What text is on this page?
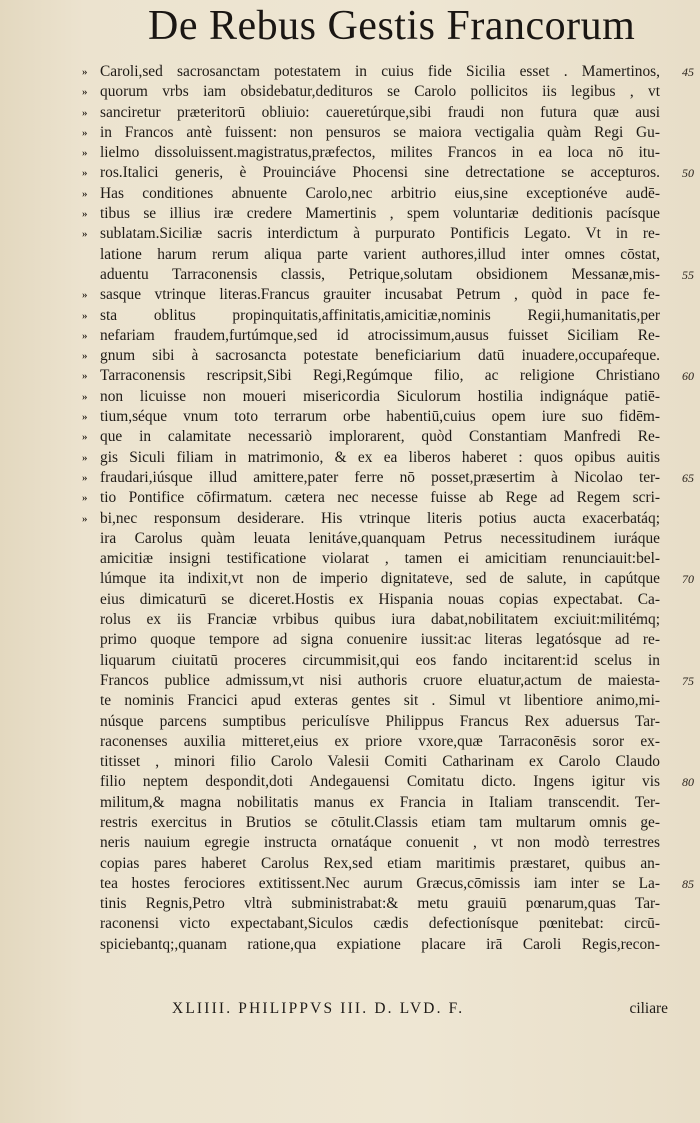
De Rebus Gestis Francorum
» Caroli,sed sacrosanctam potestatem in cuius fide Sicilia esset . Mamertinos, 45
» quorum vrbs iam obsidebatur,dedituros se Carolo pollicitos iis legibus , vt
» sanciretur præteritorū obliuio: caueretúrque,sibi fraudi non futura quæ ausi
» in Francos antè fuissent: non pensuros se maiora vectigalia quàm Regi Gu-
» lielmo dissoluissent.magistratus,præfectos, milites Francos in ea loca nō itu-
» ros.Italici generis, è Prouinciáve Phocensi sine detrectatione se accepturos. 50
» Has conditiones abnuente Carolo,nec arbitrio eius,sine exceptionéve audē-
» tibus se illius iræ credere Mamertinis , spem voluntariæ deditionis pacísque
» sublatam.Siciliæ sacris interdictum à purpurato Pontificis Legato. Vt in re-
latione harum rerum aliqua parte varient authores,illud inter omnes cōstat,
aduentu Tarraconensis classis, Petrique,solutam obsidionem Messanæ,mis- 55
» sasque vtrinque literas.Francus grauiter incusabat Petrum , quòd in pace fe-
» sta oblitus propinquitatis,affinitatis,amicitiæ,nominis Regii,humanitatis,per
» nefariam fraudem,furtúmque,sed id atrocissimum,ausus fuisset Siciliam Re-
» gnum sibi à sacrosancta potestate beneficiarium datū inuadere,occupaŕeque.
» Tarraconensis rescripsit,Sibi Regi,Regúmque filio, ac religione Christiano 60
» non licuisse non moueri misericordia Siculorum hostilia indignáque patiē-
» tium,séque vnum toto terrarum orbe habentiū,cuius opem iure suo fidēm-
» que in calamitate necessariò implorarent, quòd Constantiam Manfredi Re-
» gis Siculi filiam in matrimonio, & ex ea liberos haberet : quos opibus auitis
» fraudari,iúsque illud amittere,pater ferre nō posset,præsertim à Nicolao ter- 65
» tio Pontifice cōfirmatum. cætera nec necesse fuisse ab Rege ad Regem scri-
» bi,nec responsum desiderare. His vtrinque literis potius aucta exacerbatáq;
ira Carolus quàm leuata lenitáve,quanquam Petrus necessitudinem iuráque
amicitiæ insigni testificatione violarat , tamen ei amicitiam renunciauit:bel-
lúmque ita indixit,vt non de imperio dignitateve, sed de salute, in capútque 70
eius dimicaturū se diceret.Hostis ex Hispania nouas copias expectabat. Ca-
rolus ex iis Franciæ vrbibus quibus iura dabat,nobilitatem exciuit:militémq;
primo quoque tempore ad signa conuenire iussit:ac literas legatósque ad re-
liquarum ciuitatū proceres circummisit,qui eos fando incitarent:id scelus in
Francos publice admissum,vt nisi authoris cruore eluatur,actum de maiesta- 75
te nominis Francici apud exteras gentes sit . Simul vt libentiore animo,mi-
núsque parcens sumptibus periculísve Philippus Francus Rex aduersus Tar-
raconenses auxilia mitteret,eius ex priore vxore,quæ Tarraconēsis soror ex-
titisset , minori filio Carolo Valesii Comiti Catharinam ex Carolo Claudo
filio neptem despondit,doti Andegauensi Comitatu dicto. Ingens igitur vis 80
militum,& magna nobilitatis manus ex Francia in Italiam transcendit. Ter-
restris exercitus in Brutios se cōtulit.Classis etiam tam multarum omnis ge-
neris nauium egregie instructa ornatáque conuenit , vt non modò terrestres
copias pares haberet Carolus Rex,sed etiam maritimis præstaret, quibus an-
tea hostes ferociores extitissent.Nec aurum Græcus,cōmissis iam inter se La- 85
tinis Regnis,Petro vltrà subministrabat:& metu grauiū pœnarum,quas Tar-
raconensi victo expectabant,Siculos cædis defectionísque pœnitebat: circū-
spiciebantq;,quanam ratione,qua expiatione placare irā Caroli Regis,recon-
XLIIII. PHILIPPVS III. D. LVD. F.	ciliare
